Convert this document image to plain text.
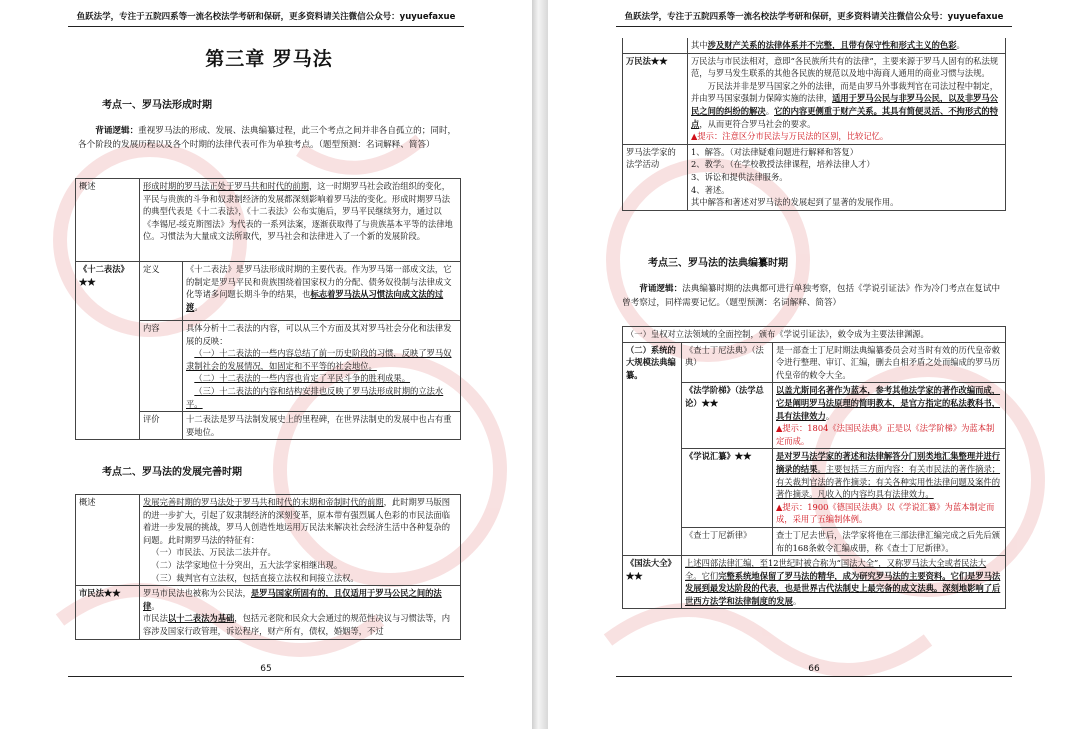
鱼跃法学，专注于五院四系等一流名校法学考研和保研，更多资料请关注微信公众号：yuyuefaxue
第三章 罗马法
考点一、罗马法形成时期
背诵逻辑：重视罗马法的形成、发展、法典编纂过程，此三个考点之间并非各自孤立的；同时，各个阶段的发展历程以及各个时期的法律代表可作为单独考点。（题型预测：名词解释、简答）
概述	形成时期的罗马法正处于罗马共和时代的前期，这一时期罗马社会政治组织的变化，平民与贵族的斗争和奴隶制经济的发展都深刻影响着罗马法的变化。形成时期罗马法的典型代表是《十二表法》，《十二表法》公布实施后，罗马平民继续努力，通过以《李锡尼-绥克斯图法》为代表的一系列法案，逐渐获取得了与贵族基本平等的法律地位。习惯法为大量成文法所取代，罗马社会和法律进入了一个新的发展阶段。	
《十二表法》★★	定义	《十二表法》是罗马法形成时期的主要代表。作为罗马第一部成文法，它的制定是罗马平民和贵族围绕着国家权力的分配、债务奴役制与法律成文化等诸多问题长期斗争的结果，也标志着罗马法从习惯法向成文法的过渡。
	内容	具体分析十二表法的内容，可以从三个方面及其对罗马社会分化和法律发展的反映：
（一）十二表法的一些内容总结了前一历史阶段的习惯，反映了罗马奴隶制社会的发展情况，如固定和不平等的社会地位。
（二）十二表法的一些内容也肯定了平民斗争的胜利成果。
（三）十二表法的内容和结构安排也反映了罗马法形成时期的立法水平。

	评价	十二表法是罗马法制发展史上的里程碑，在世界法制史的发展中也占有重要地位。
考点二、罗马法的发展完善时期
概述	发展完善时期的罗马法处于罗马共和时代的末期和帝制时代的前期，此时期罗马版图的进一步扩大，引起了奴隶制经济的深刻变革，原本带有强烈属人色彩的市民法面临着进一步发展的挑战，罗马人创造性地运用万民法来解决社会经济生活中各种复杂的问题。此时期罗马法的特征有：
（一）市民法、万民法二法并存。
（二）法学家地位十分突出，五大法学家相继出现。
（三）裁判官有立法权，包括直接立法权和间接立法权。

市民法★★	罗马市民法也被称为公民法，是罗马国家所固有的，且仅适用于罗马公民之间的法律。
市民法以十二表法为基础，包括元老院和民众大会通过的规范性决议与习惯法等，内容涉及国家行政管理，诉讼程序，财产所有，债权，婚姻等，不过
65
鱼跃法学，专注于五院四系等一流名校法学考研和保研，更多资料请关注微信公众号：yuyuefaxue
	其中涉及财产关系的法律体系并不完整，且带有保守性和形式主义的色彩。
万民法★★	万民法与市民法相对，意即“各民族所共有的法律”，主要来源于罗马人固有的私法规范，与罗马发生联系的其他各民族的规范以及地中海商人通用的商业习惯与法规。
万民法并非是罗马国家之外的法律，而是由罗马外事裁判官在司法过程中制定，并由罗马国家强制力保障实施的法律，适用于罗马公民与非罗马公民，以及非罗马公民之间的纠纷的解决。它的内容更侧重于财产关系。其具有简便灵活、不拘形式的特点，从而更符合罗马社会的要求。
▲提示：注意区分市民法与万民法的区别，比较记忆。

罗马法学家的法学活动	1、解答。（对法律疑难问题进行解释和答复）
2、教学。（在学校教授法律课程，培养法律人才）
3、诉讼和提供法律服务。
4、著述。
其中解答和著述对罗马法的发展起到了显著的发展作用。
考点三、罗马法的法典编纂时期
背诵逻辑：法典编纂时期的法典都可进行单独考察，包括《学说引证法》作为冷门考点在复试中曾考察过，同样需要记忆。（题型预测：名词解释、简答）
（一）皇权对立法领域的全面控制，颁布《学说引证法》，敕令成为主要法律渊源。		
（二）系统的大规模法典编纂。	《查士丁尼法典》（法典）	是一部查士丁尼时期法典编纂委员会对当时有效的历代皇帝敕令进行整理、审订、汇编，删去自相矛盾之处而编成的罗马历代皇帝的敕令大全。
	《法学阶梯》（法学总论）★★	以盖尤斯同名著作为蓝本，参考其他法学家的著作改编而成，它是阐明罗马法原理的简明教本，是官方指定的私法教科书，具有法律效力。
▲提示：1804《法国民法典》正是以《法学阶梯》为蓝本制定而成。

	《学说汇纂》★★	是对罗马法学家的著述和法律解答分门别类地汇集整理并进行摘录的结果。主要包括三方面内容：有关市民法的著作摘录；有关裁判官法的著作摘录；有关各种实用性法律问题及案件的著作摘录。凡收入的内容均具有法律效力。
▲提示：1900《德国民法典》以《学说汇纂》为蓝本制定而成，采用了五编制体例。

	《查士丁尼新律》	查士丁尼去世后，法学家将他在三部法律汇编完成之后先后颁布的168条敕令汇编成册，称《查士丁尼新律》。
《国法大全》★★	上述四部法律汇编，至12世纪时被合称为“国法大全”，又称罗马法大全或者民法大全。它们完整系统地保留了罗马法的精华，成为研究罗马法的主要资料。它们是罗马法发展到最发达阶段的代表，也是世界古代法制史上最完备的成文法典。深刻地影响了后世西方法学和法律制度的发展。	
66
